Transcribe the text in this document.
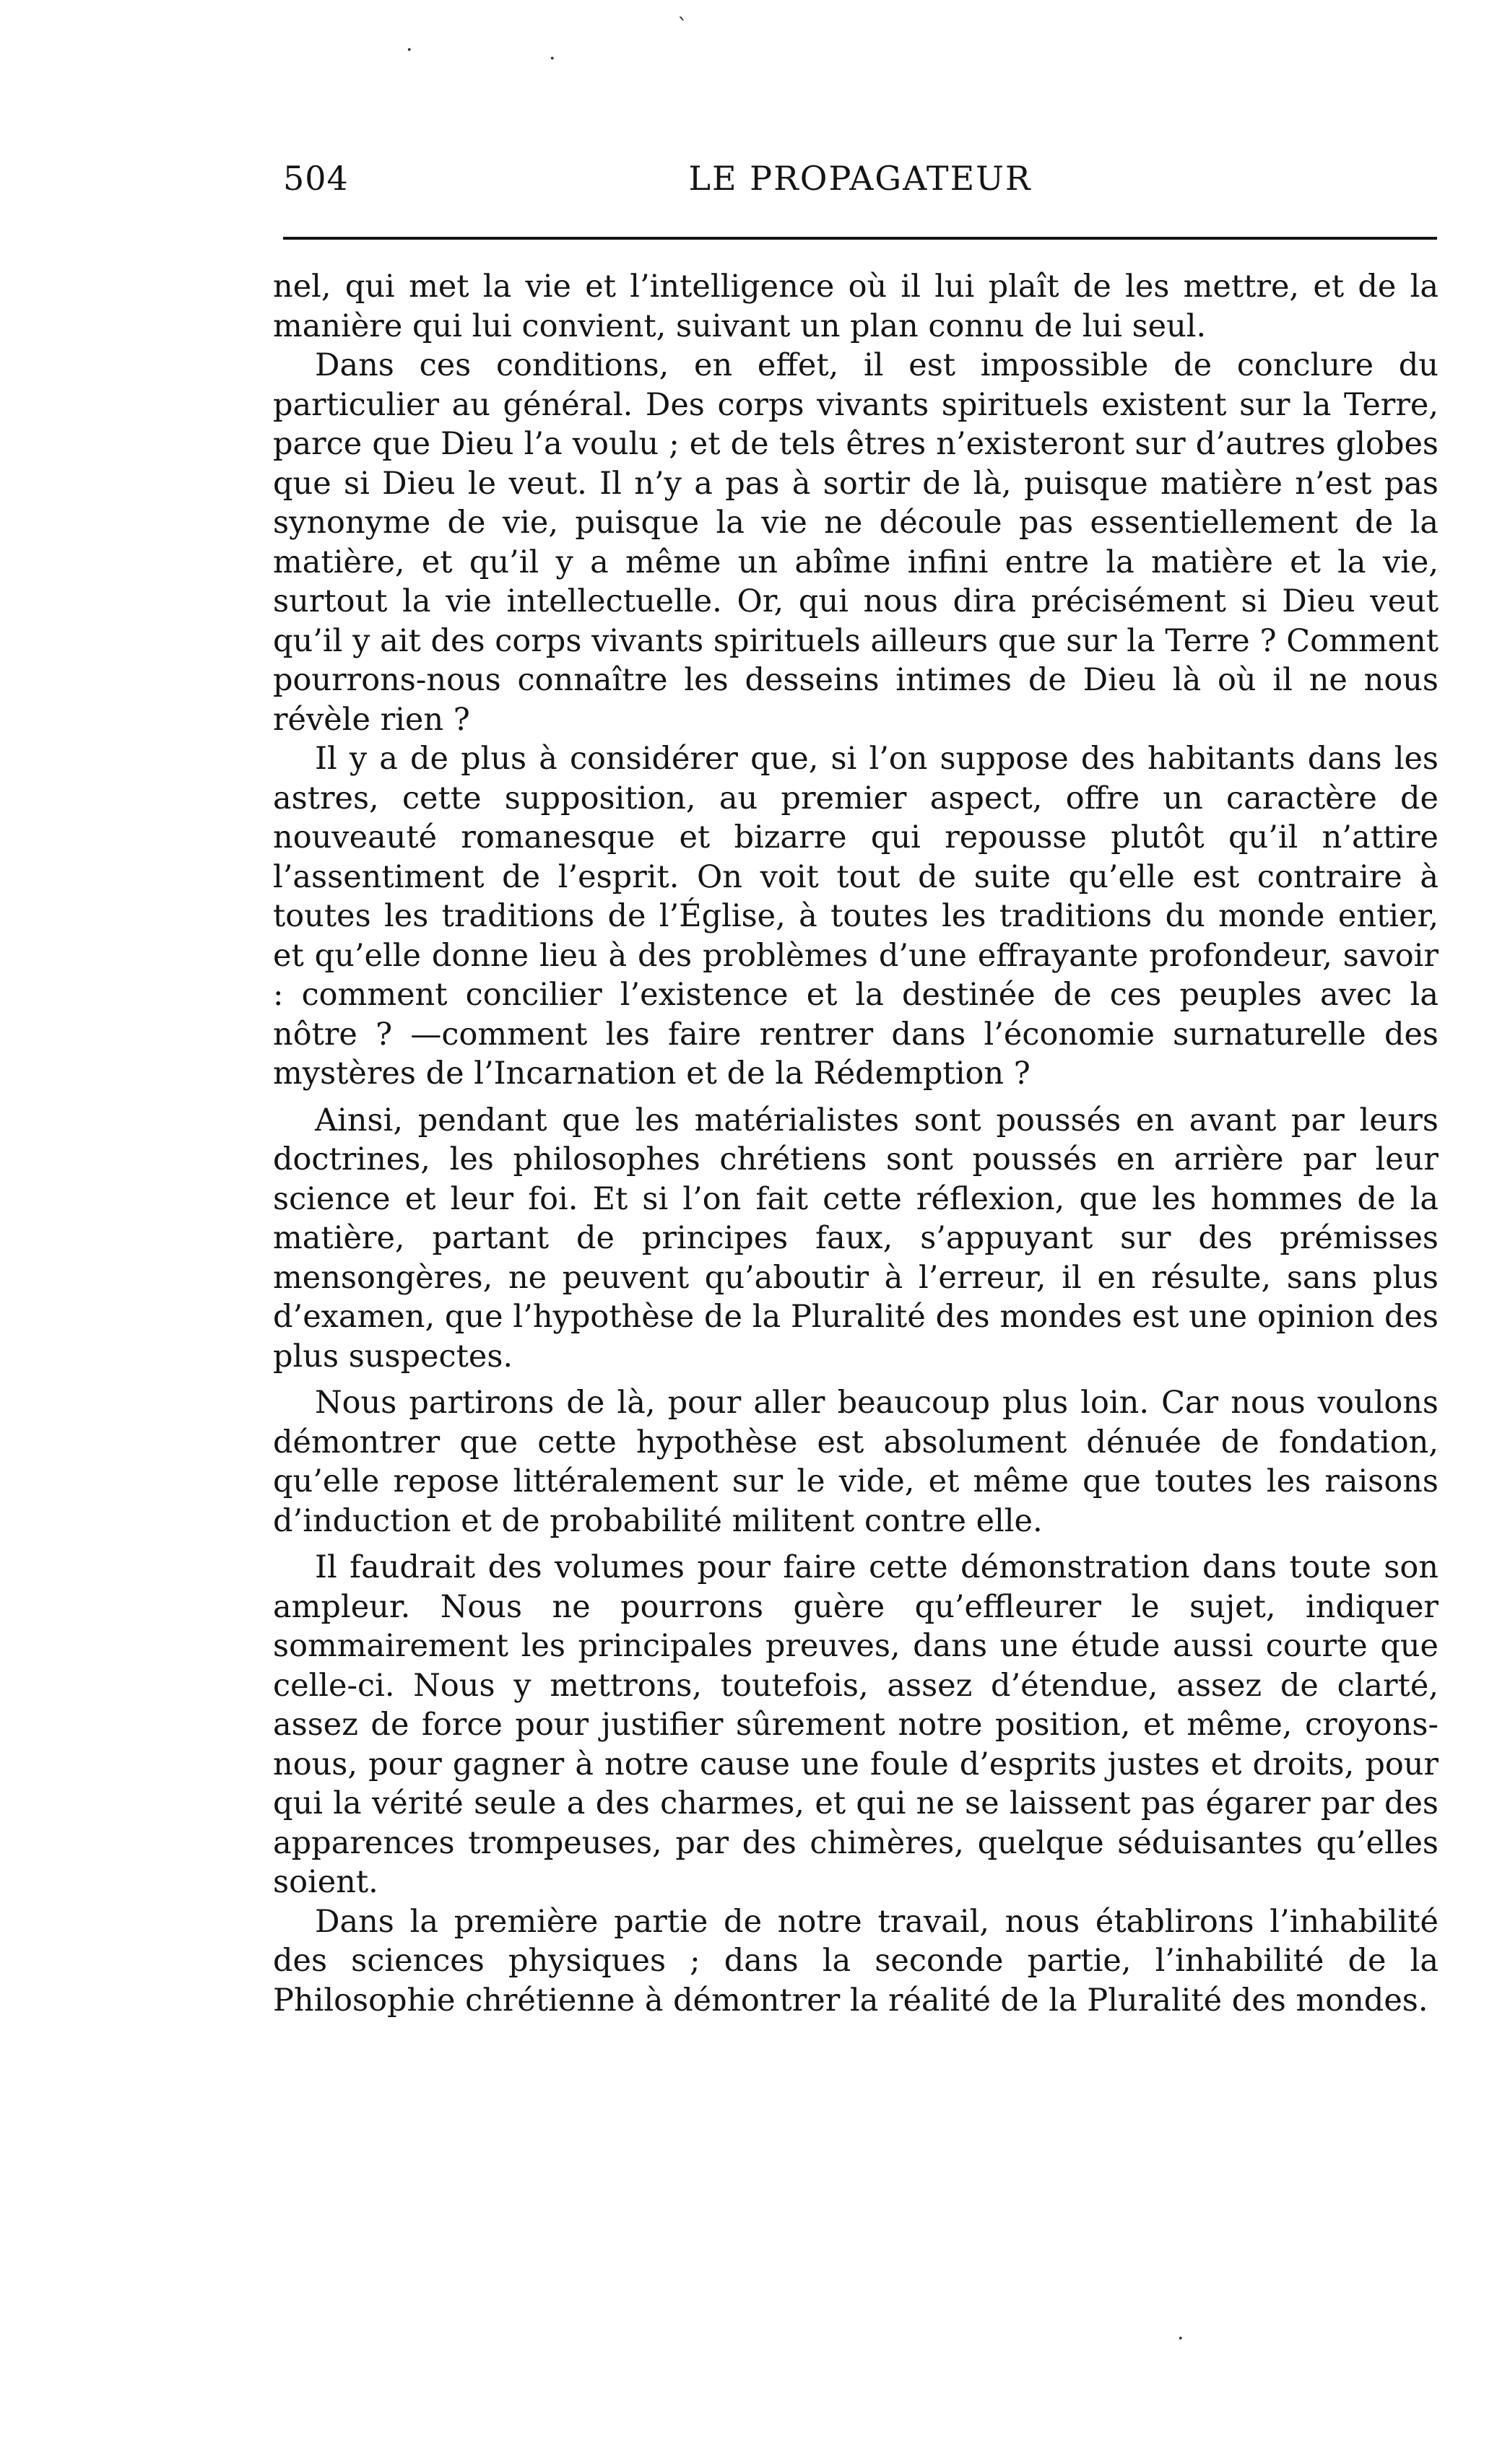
ˋ
·	·
504	LE PROPAGATEUR

nel, qui met la vie et l’intelligence où il lui plaît de les mettre, et de la manière qui lui convient, suivant un plan connu de lui seul.

Dans ces conditions, en effet, il est impossible de conclure du particulier au général. Des corps vivants spirituels existent sur la Terre, parce que Dieu l’a voulu ; et de tels êtres n’existeront sur d’autres globes que si Dieu le veut. Il n’y a pas à sortir de là, puisque matière n’est pas synonyme de vie, puisque la vie ne découle pas essentiellement de la matière, et qu’il y a même un abîme infini entre la matière et la vie, surtout la vie intellectuelle. Or, qui nous dira précisément si Dieu veut qu’il y ait des corps vivants spirituels ailleurs que sur la Terre ? Comment pourrons-nous connaître les desseins intimes de Dieu là où il ne nous révèle rien ?

Il y a de plus à considérer que, si l’on suppose des habitants dans les astres, cette supposition, au premier aspect, offre un caractère de nouveauté romanesque et bizarre qui repousse plutôt qu’il n’attire l’assentiment de l’esprit. On voit tout de suite qu’elle est contraire à toutes les traditions de l’Église, à toutes les traditions du monde entier, et qu’elle donne lieu à des problèmes d’une effrayante profondeur, savoir : comment concilier l’existence et la destinée de ces peuples avec la nôtre ? —comment les faire rentrer dans l’économie surnaturelle des mystères de l’Incarnation et de la Rédemption ?

Ainsi, pendant que les matérialistes sont poussés en avant par leurs doctrines, les philosophes chrétiens sont poussés en arrière par leur science et leur foi. Et si l’on fait cette réflexion, que les hommes de la matière, partant de principes faux, s’appuyant sur des prémisses mensongères, ne peuvent qu’aboutir à l’erreur, il en résulte, sans plus d’examen, que l’hypothèse de la Pluralité des mondes est une opinion des plus suspectes.

Nous partirons de là, pour aller beaucoup plus loin. Car nous voulons démontrer que cette hypothèse est absolument dénuée de fondation, qu’elle repose littéralement sur le vide, et même que toutes les raisons d’induction et de probabilité militent contre elle.

Il faudrait des volumes pour faire cette démonstration dans toute son ampleur. Nous ne pourrons guère qu’effleurer le sujet, indiquer sommairement les principales preuves, dans une étude aussi courte que celle-ci. Nous y mettrons, toutefois, assez d’étendue, assez de clarté, assez de force pour justifier sûrement notre position, et même, croyons-nous, pour gagner à notre cause une foule d’esprits justes et droits, pour qui la vérité seule a des charmes, et qui ne se laissent pas égarer par des apparences trompeuses, par des chimères, quelque séduisantes qu’elles soient.

Dans la première partie de notre travail, nous établirons l’inhabilité des sciences physiques ; dans la seconde partie, l’inhabilité de la Philosophie chrétienne à démontrer la réalité de la Pluralité des mondes.

·
